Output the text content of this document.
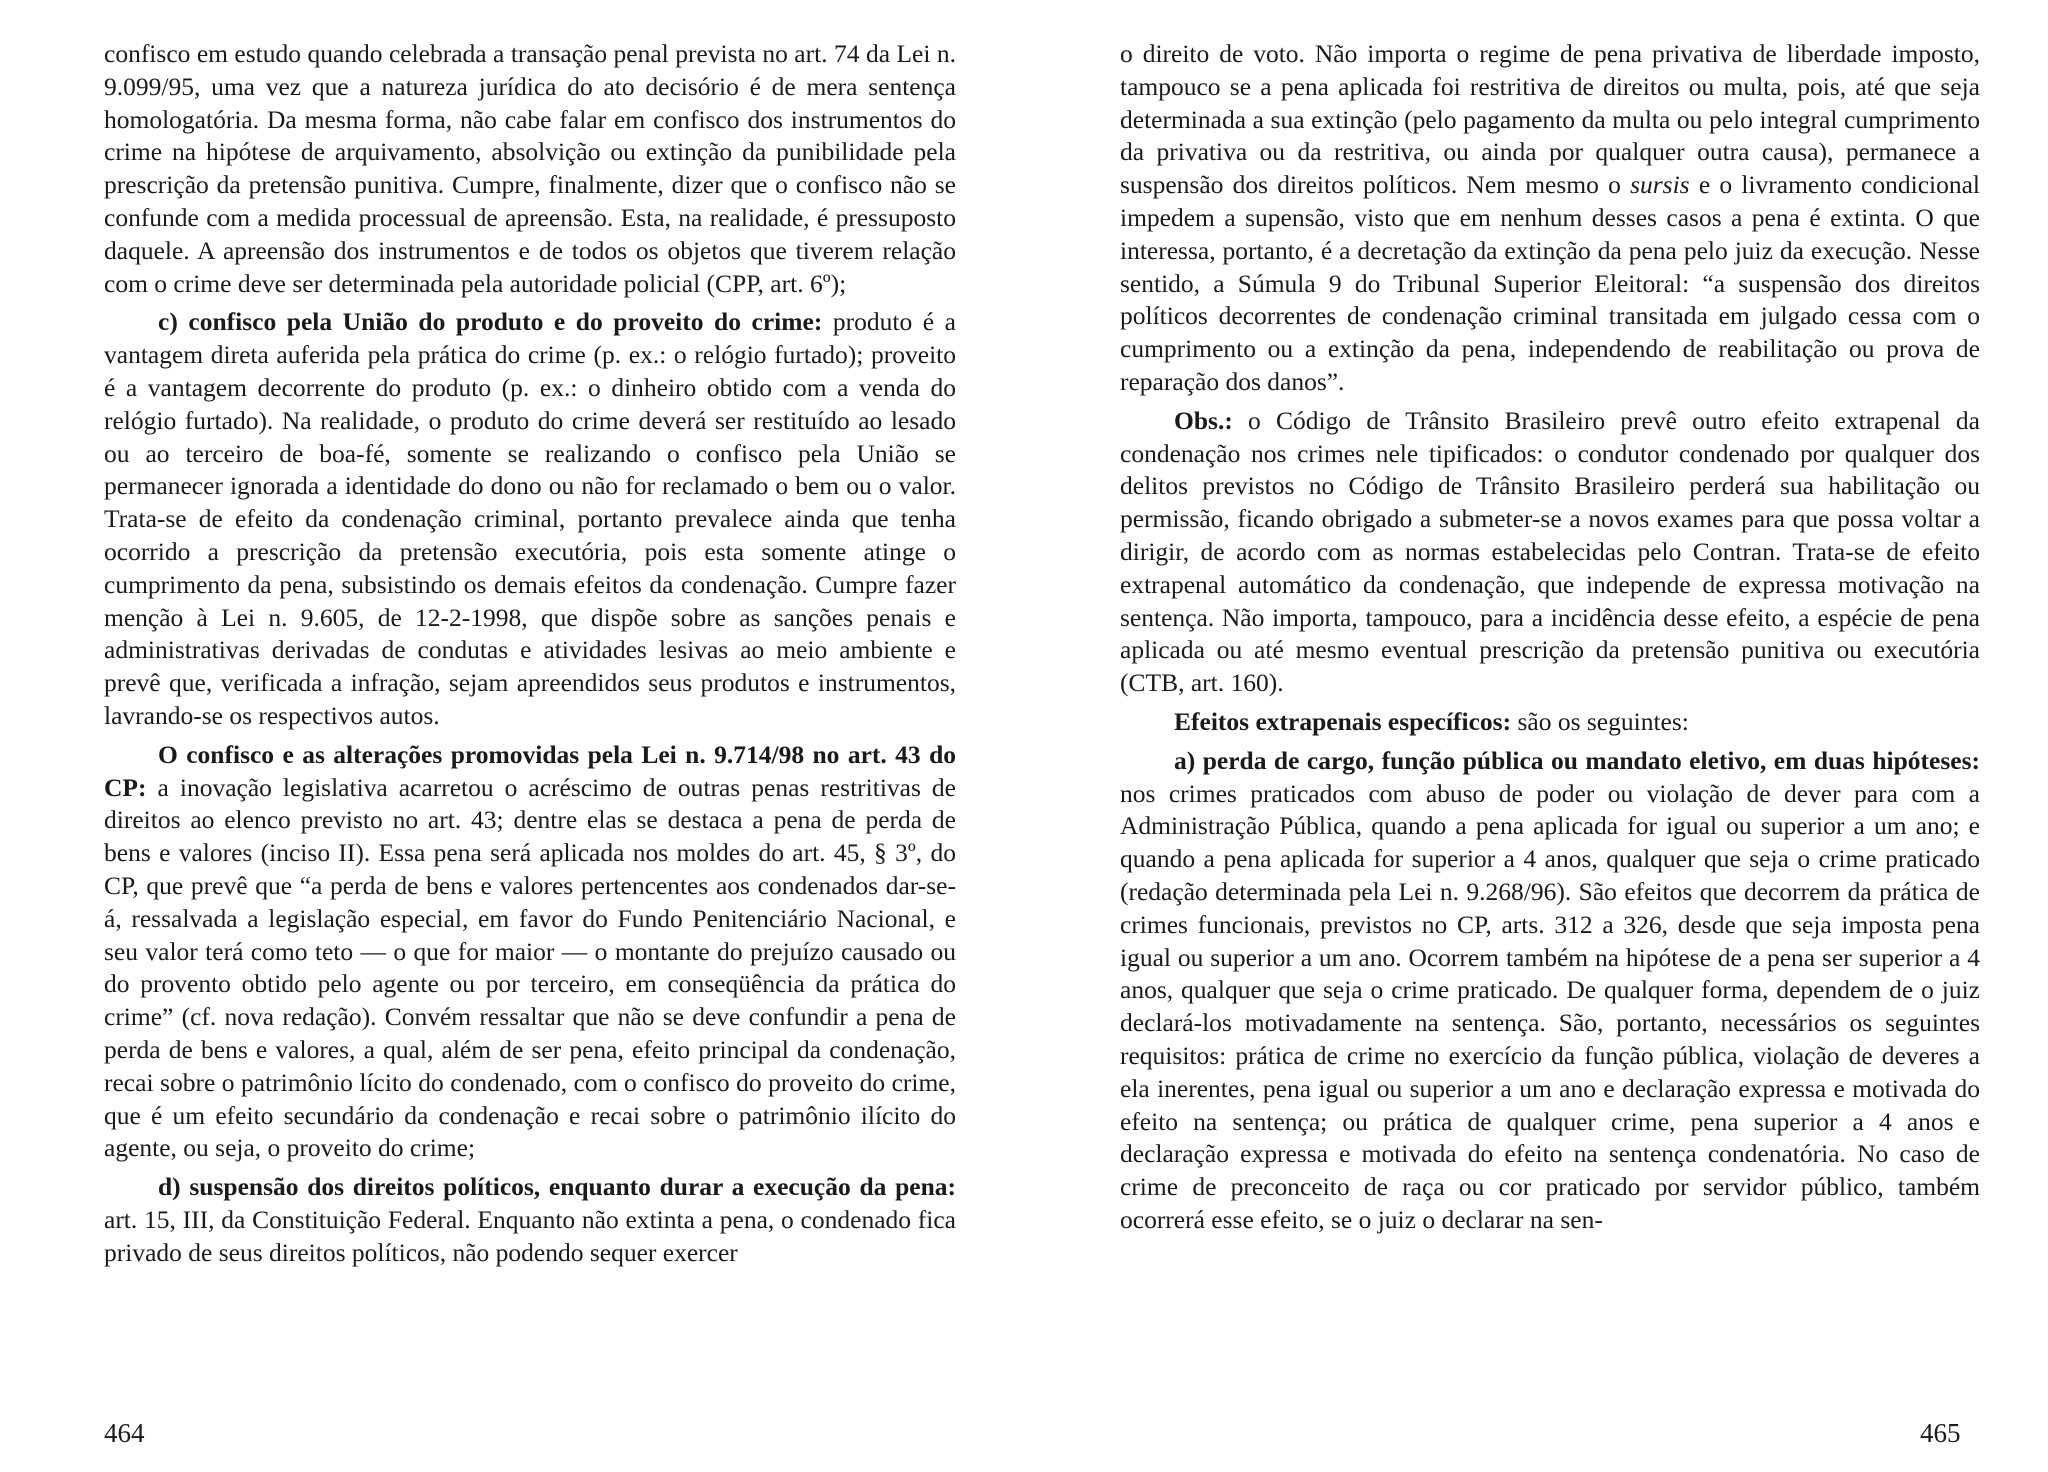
confisco em estudo quando celebrada a transação penal prevista no art. 74 da Lei n. 9.099/95, uma vez que a natureza jurídica do ato decisório é de mera sentença homologatória. Da mesma forma, não cabe falar em confisco dos instrumentos do crime na hipótese de arquivamento, absolvição ou extinção da punibilidade pela prescrição da pretensão punitiva. Cumpre, finalmente, dizer que o confisco não se confunde com a medida processual de apreensão. Esta, na realidade, é pressuposto daquele. A apreensão dos instrumentos e de todos os objetos que tiverem relação com o crime deve ser determinada pela autoridade policial (CPP, art. 6º);

c) confisco pela União do produto e do proveito do crime: produto é a vantagem direta auferida pela prática do crime (p. ex.: o relógio furtado); proveito é a vantagem decorrente do produto (p. ex.: o dinheiro obtido com a venda do relógio furtado). Na realidade, o produto do crime deverá ser restituído ao lesado ou ao terceiro de boa-fé, somente se realizando o confisco pela União se permanecer ignorada a identidade do dono ou não for reclamado o bem ou o valor. Trata-se de efeito da condenação criminal, portanto prevalece ainda que tenha ocorrido a prescrição da pretensão executória, pois esta somente atinge o cumprimento da pena, subsistindo os demais efeitos da condenação. Cumpre fazer menção à Lei n. 9.605, de 12-2-1998, que dispõe sobre as sanções penais e administrativas derivadas de condutas e atividades lesivas ao meio ambiente e prevê que, verificada a infração, sejam apreendidos seus produtos e instrumentos, lavrando-se os respectivos autos.

O confisco e as alterações promovidas pela Lei n. 9.714/98 no art. 43 do CP: a inovação legislativa acarretou o acréscimo de outras penas restritivas de direitos ao elenco previsto no art. 43; dentre elas se destaca a pena de perda de bens e valores (inciso II). Essa pena será aplicada nos moldes do art. 45, § 3º, do CP, que prevê que “a perda de bens e valores pertencentes aos condenados dar-se-á, ressalvada a legislação especial, em favor do Fundo Penitenciário Nacional, e seu valor terá como teto — o que for maior — o montante do prejuízo causado ou do provento obtido pelo agente ou por terceiro, em conseqüência da prática do crime” (cf. nova redação). Convém ressaltar que não se deve confundir a pena de perda de bens e valores, a qual, além de ser pena, efeito principal da condenação, recai sobre o patrimônio lícito do condenado, com o confisco do proveito do crime, que é um efeito secundário da condenação e recai sobre o patrimônio ilícito do agente, ou seja, o proveito do crime;

d) suspensão dos direitos políticos, enquanto durar a execução da pena: art. 15, III, da Constituição Federal. Enquanto não extinta a pena, o condenado fica privado de seus direitos políticos, não podendo sequer exercer

464

o direito de voto. Não importa o regime de pena privativa de liberdade imposto, tampouco se a pena aplicada foi restritiva de direitos ou multa, pois, até que seja determinada a sua extinção (pelo pagamento da multa ou pelo integral cumprimento da privativa ou da restritiva, ou ainda por qualquer outra causa), permanece a suspensão dos direitos políticos. Nem mesmo o sursis e o livramento condicional impedem a supensão, visto que em nenhum desses casos a pena é extinta. O que interessa, portanto, é a decretação da extinção da pena pelo juiz da execução. Nesse sentido, a Súmula 9 do Tribunal Superior Eleitoral: “a suspensão dos direitos políticos decorrentes de condenação criminal transitada em julgado cessa com o cumprimento ou a extinção da pena, independendo de reabilitação ou prova de reparação dos danos”.

Obs.: o Código de Trânsito Brasileiro prevê outro efeito extrapenal da condenação nos crimes nele tipificados: o condutor condenado por qualquer dos delitos previstos no Código de Trânsito Brasileiro perderá sua habilitação ou permissão, ficando obrigado a submeter-se a novos exames para que possa voltar a dirigir, de acordo com as normas estabelecidas pelo Contran. Trata-se de efeito extrapenal automático da condenação, que independe de expressa motivação na sentença. Não importa, tampouco, para a incidência desse efeito, a espécie de pena aplicada ou até mesmo eventual prescrição da pretensão punitiva ou executória (CTB, art. 160).

Efeitos extrapenais específicos: são os seguintes:

a) perda de cargo, função pública ou mandato eletivo, em duas hipóteses: nos crimes praticados com abuso de poder ou violação de dever para com a Administração Pública, quando a pena aplicada for igual ou superior a um ano; e quando a pena aplicada for superior a 4 anos, qualquer que seja o crime praticado (redação determinada pela Lei n. 9.268/96). São efeitos que decorrem da prática de crimes funcionais, previstos no CP, arts. 312 a 326, desde que seja imposta pena igual ou superior a um ano. Ocorrem também na hipótese de a pena ser superior a 4 anos, qualquer que seja o crime praticado. De qualquer forma, dependem de o juiz declará-los motivadamente na sentença. São, portanto, necessários os seguintes requisitos: prática de crime no exercício da função pública, violação de deveres a ela inerentes, pena igual ou superior a um ano e declaração expressa e motivada do efeito na sentença; ou prática de qualquer crime, pena superior a 4 anos e declaração expressa e motivada do efeito na sentença condenatória. No caso de crime de preconceito de raça ou cor praticado por servidor público, também ocorrerá esse efeito, se o juiz o declarar na sen-

465
